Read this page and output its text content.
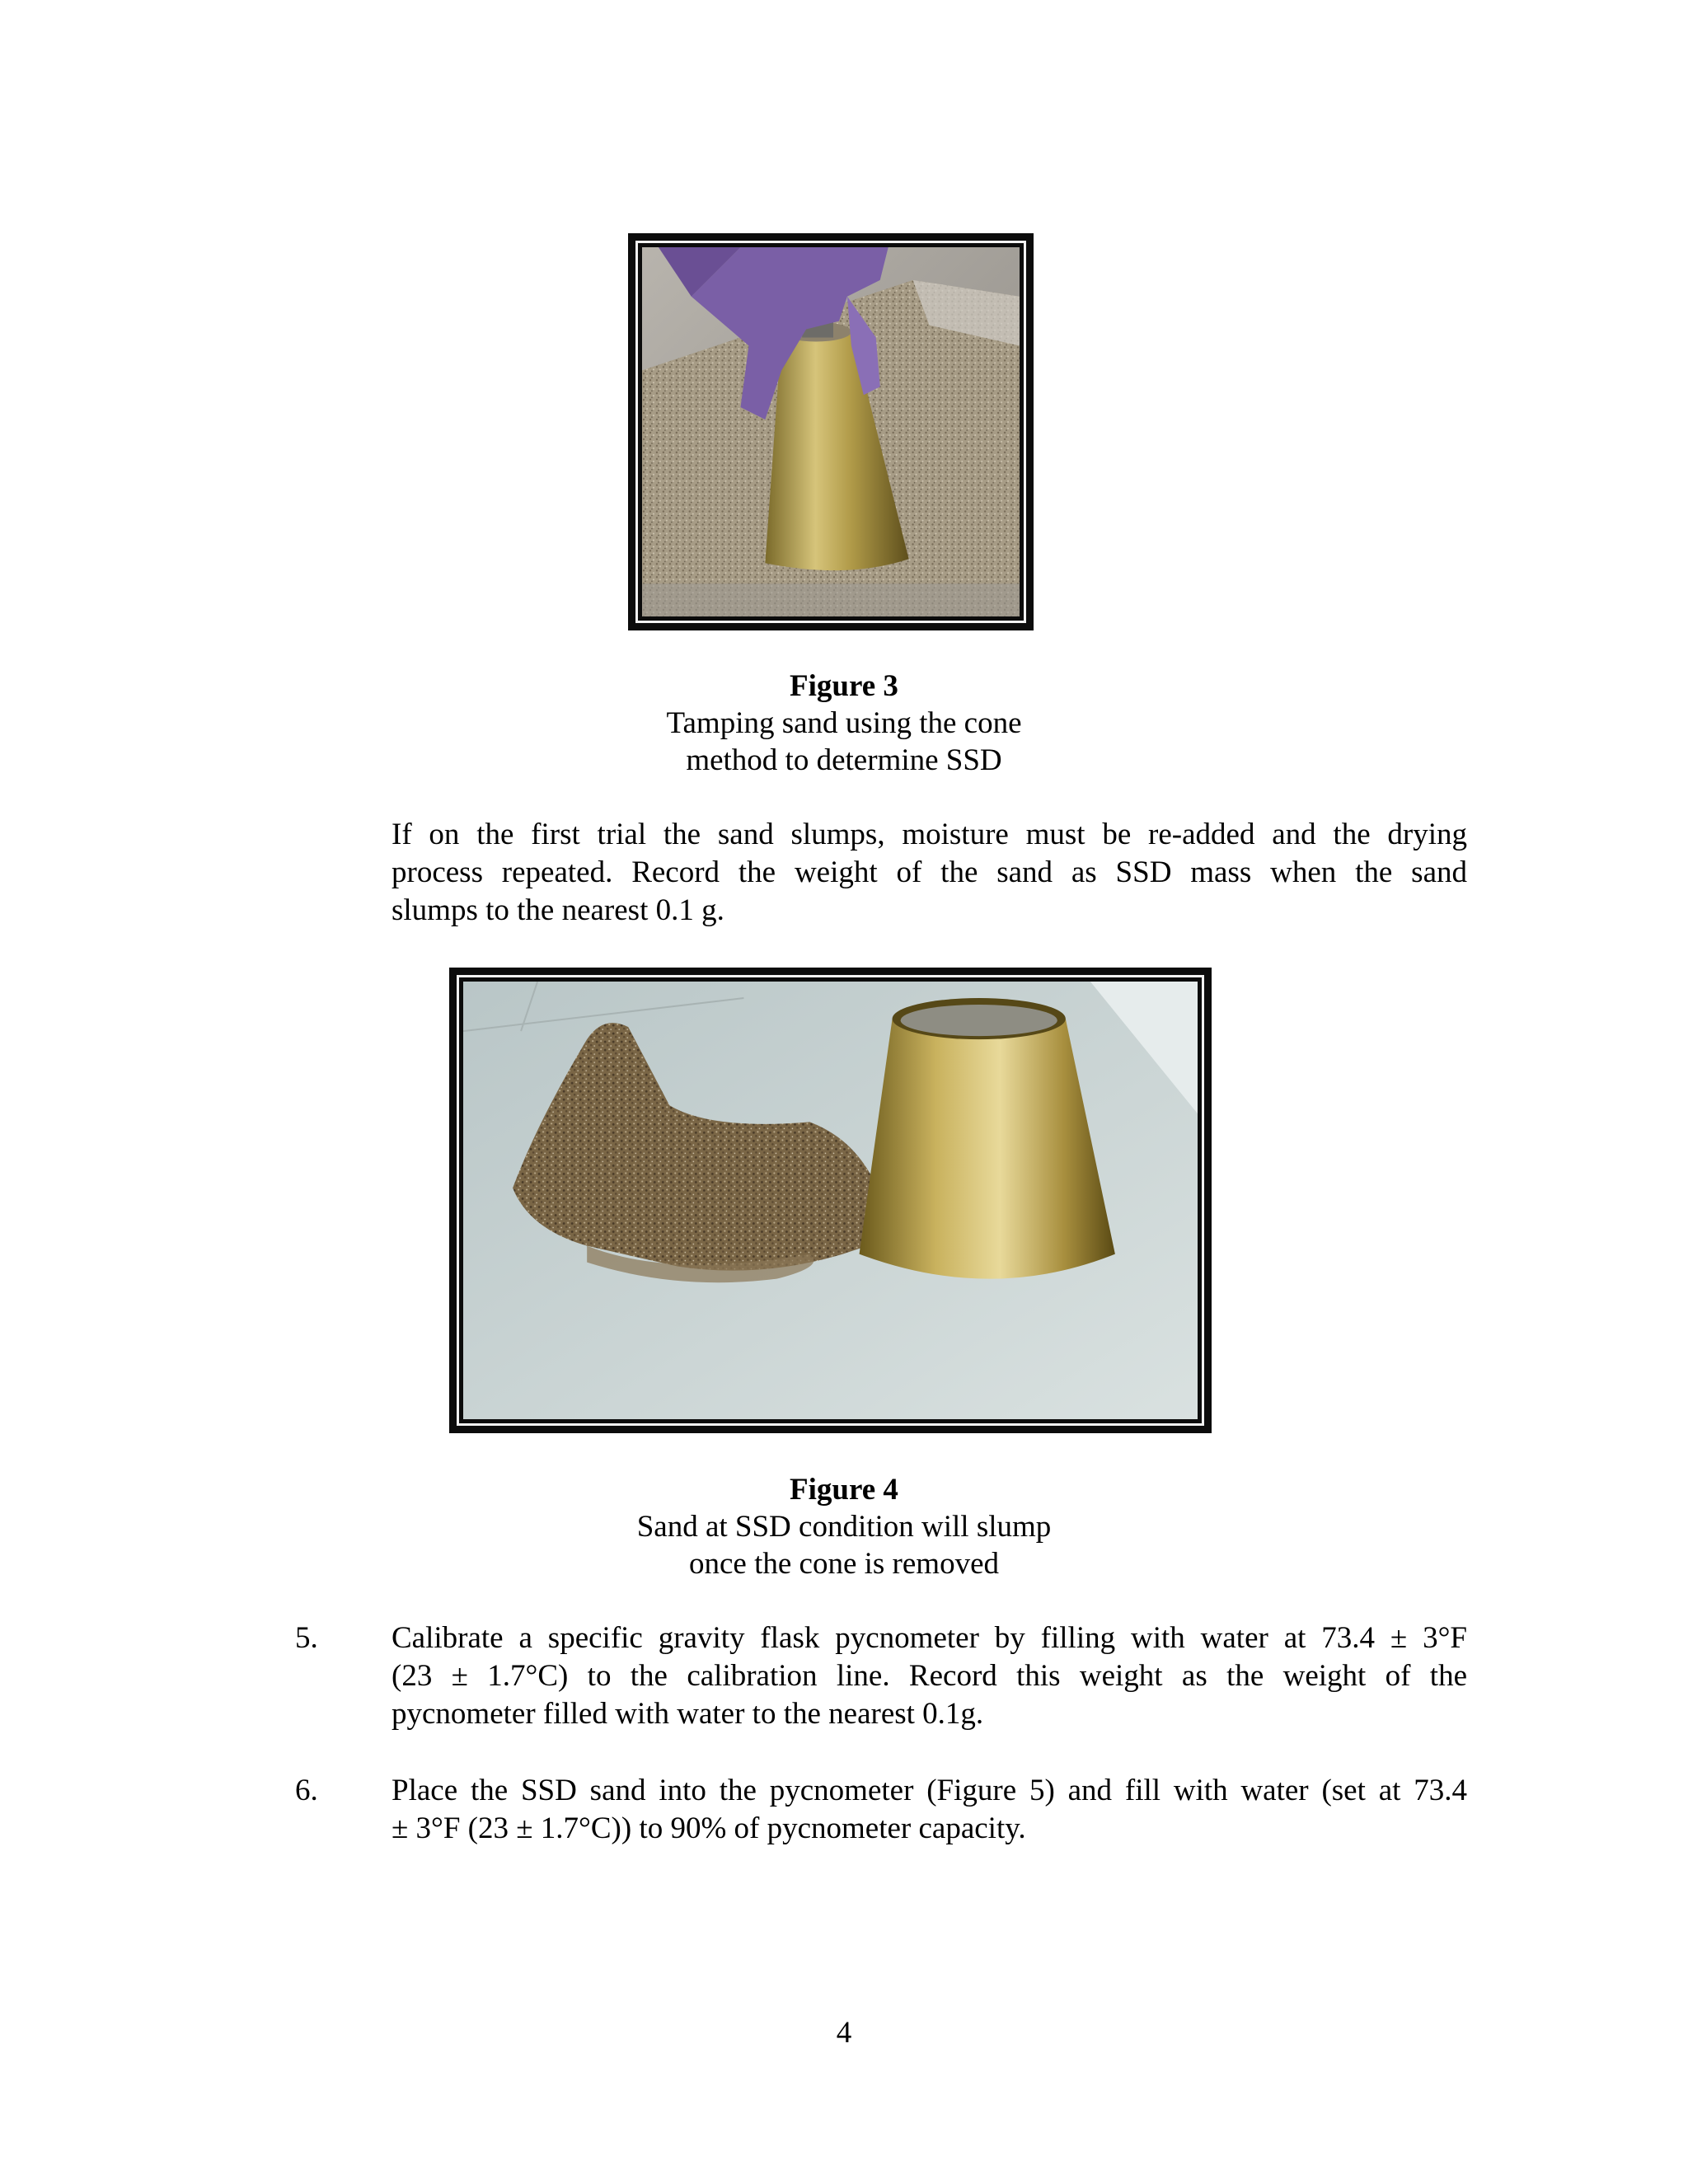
Figure 3
Tamping sand using the cone
method to determine SSD
If on the first trial the sand slumps, moisture must be re-added and the drying
process repeated. Record the weight of the sand as SSD mass when the sand
slumps to the nearest 0.1 g.
Figure 4
Sand at SSD condition will slump
once the cone is removed
5. Calibrate a specific gravity flask pycnometer by filling with water at 73.4 ± 3°F
(23 ± 1.7°C) to the calibration line. Record this weight as the weight of the
pycnometer filled with water to the nearest 0.1g.
6. Place the SSD sand into the pycnometer (Figure 5) and fill with water (set at 73.4
± 3°F (23 ± 1.7°C)) to 90% of pycnometer capacity.
4
